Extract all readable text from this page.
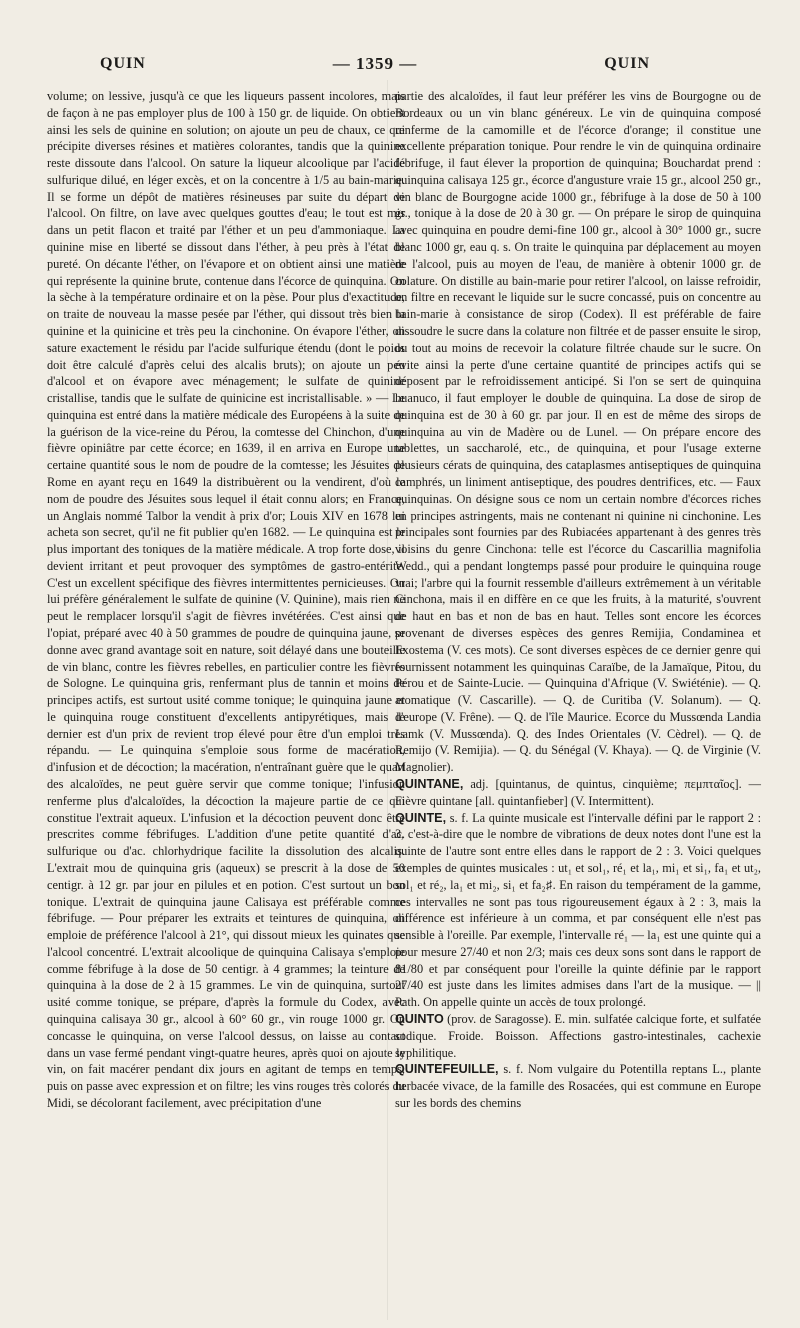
QUIN	— 1359 —	QUIN

volume; on lessive, jusqu'à ce que les liqueurs passent incolores, mais de façon à ne pas employer plus de 100 à 150 gr. de liquide. On obtient ainsi les sels de quinine en solution; on ajoute un peu de chaux, ce qui précipite diverses résines et matières colorantes, tandis que la quinine reste dissoute dans l'alcool. On sature la liqueur alcoolique par l'acide sulfurique dilué, en léger excès, et on la concentre à 1/5 au bain-marie. Il se forme un dépôt de matières résineuses par suite du départ de l'alcool. On filtre, on lave avec quelques gouttes d'eau; le tout est mis dans un petit flacon et traité par l'éther et un peu d'ammoniaque. La quinine mise en liberté se dissout dans l'éther, à peu près à l'état de pureté. On décante l'éther, on l'évapore et on obtient ainsi une matière qui représente la quinine brute, contenue dans l'écorce de quinquina. On la sèche à la température ordinaire et on la pèse. Pour plus d'exactitude, on traite de nouveau la masse pesée par l'éther, qui dissout très bien la quinine et la quinicine et très peu la cinchonine. On évapore l'éther, on sature exactement le résidu par l'acide sulfurique étendu (dont le poids doit être calculé d'après celui des alcalis bruts); on ajoute un peu d'alcool et on évapore avec ménagement; le sulfate de quinine cristallise, tandis que le sulfate de quinicine est incristallisable. » — Le quinquina est entré dans la matière médicale des Européens à la suite de la guérison de la vice-reine du Pérou, la comtesse del Chinchon, d'une fièvre opiniâtre par cette écorce; en 1639, il en arriva en Europe une certaine quantité sous le nom de poudre de la comtesse; les Jésuites de Rome en ayant reçu en 1649 la distribuèrent ou la vendirent, d'où le nom de poudre des Jésuites sous lequel il était connu alors; en France, un Anglais nommé Talbor la vendit à prix d'or; Louis XIV en 1678 lui acheta son secret, qu'il ne fit publier qu'en 1682. — Le quinquina est le plus important des toniques de la matière médicale. A trop forte dose, il devient irritant et peut provoquer des symptômes de gastro-entérite. C'est un excellent spécifique des fièvres intermittentes pernicieuses. On lui préfère généralement le sulfate de quinine (V. Quinine), mais rien ne peut le remplacer lorsqu'il s'agit de fièvres invétérées. C'est ainsi que l'opiat, préparé avec 40 à 50 grammes de poudre de quinquina jaune, se donne avec grand avantage soit en nature, soit délayé dans une bouteille de vin blanc, contre les fièvres rebelles, en particulier contre les fièvres de Sologne. Le quinquina gris, renfermant plus de tannin et moins de principes actifs, est surtout usité comme tonique; le quinquina jaune et le quinquina rouge constituent d'excellents antipyrétiques, mais le dernier est d'un prix de revient trop élevé pour être d'un emploi très répandu. — Le quinquina s'emploie sous forme de macération, d'infusion et de décoction; la macération, n'entraînant guère que le quart des alcaloïdes, ne peut guère servir que comme tonique; l'infusion renferme plus d'alcaloïdes, la décoction la majeure partie de ce qui constitue l'extrait aqueux. L'infusion et la décoction peuvent donc être prescrites comme fébrifuges. L'addition d'une petite quantité d'ac. sulfurique ou d'ac. chlorhydrique facilite la dissolution des alcalis. L'extrait mou de quinquina gris (aqueux) se prescrit à la dose de 50 centigr. à 12 gr. par jour en pilules et en potion. C'est surtout un bon tonique. L'extrait de quinquina jaune Calisaya est préférable comme fébrifuge. — Pour préparer les extraits et teintures de quinquina, on emploie de préférence l'alcool à 21°, qui dissout mieux les quinates que l'alcool concentré. L'extrait alcoolique de quinquina Calisaya s'emploie comme fébrifuge à la dose de 50 centigr. à 4 grammes; la teinture de quinquina à la dose de 2 à 15 grammes. Le vin de quinquina, surtout usité comme tonique, se prépare, d'après la formule du Codex, avec quinquina calisaya 30 gr., alcool à 60° 60 gr., vin rouge 1000 gr. On concasse le quinquina, on verse l'alcool dessus, on laisse au contact dans un vase fermé pendant vingt-quatre heures, après quoi on ajoute le vin, on fait macérer pendant dix jours en agitant de temps en temps, puis on passe avec expression et on filtre; les vins rouges très colorés du Midi, se décolorant facilement, avec précipitation d'une

partie des alcaloïdes, il faut leur préférer les vins de Bourgogne ou de Bordeaux ou un vin blanc généreux. Le vin de quinquina composé renferme de la camomille et de l'écorce d'orange; il constitue une excellente préparation tonique. Pour rendre le vin de quinquina ordinaire fébrifuge, il faut élever la proportion de quinquina; Bouchardat prend : quinquina calisaya 125 gr., écorce d'angusture vraie 15 gr., alcool 250 gr., vin blanc de Bourgogne acide 1000 gr., fébrifuge à la dose de 50 à 100 gr., tonique à la dose de 20 à 30 gr. — On prépare le sirop de quinquina avec quinquina en poudre demi-fine 100 gr., alcool à 30° 1000 gr., sucre blanc 1000 gr, eau q. s. On traite le quinquina par déplacement au moyen de l'alcool, puis au moyen de l'eau, de manière à obtenir 1000 gr. de colature. On distille au bain-marie pour retirer l'alcool, on laisse refroidir, on filtre en recevant le liquide sur le sucre concassé, puis on concentre au bain-marie à consistance de sirop (Codex). Il est préférable de faire dissoudre le sucre dans la colature non filtrée et de passer ensuite le sirop, ou tout au moins de recevoir la colature filtrée chaude sur le sucre. On évite ainsi la perte d'une certaine quantité de principes actifs qui se déposent par le refroidissement anticipé. Si l'on se sert de quinquina huanuco, il faut employer le double de quinquina. La dose de sirop de quinquina est de 30 à 60 gr. par jour. Il en est de même des sirops de quinquina au vin de Madère ou de Lunel. — On prépare encore des tablettes, un saccharolé, etc., de quinquina, et pour l'usage externe plusieurs cérats de quinquina, des cataplasmes antiseptiques de quinquina camphrés, un liniment antiseptique, des poudres dentrifices, etc. — Faux quinquinas. On désigne sous ce nom un certain nombre d'écorces riches en principes astringents, mais ne contenant ni quinine ni cinchonine. Les principales sont fournies par des Rubiacées appartenant à des genres très voisins du genre Cinchona: telle est l'écorce du Cascarillia magnifolia Wedd., qui a pendant longtemps passé pour produire le quinquina rouge vrai; l'arbre qui la fournit ressemble d'ailleurs extrêmement à un véritable Cinchona, mais il en diffère en ce que les fruits, à la maturité, s'ouvrent de haut en bas et non de bas en haut. Telles sont encore les écorces provenant de diverses espèces des genres Remijia, Condaminea et Exostema (V. ces mots). Ce sont diverses espèces de ce dernier genre qui fournissent notamment les quinquinas Caraïbe, de la Jamaïque, Pitou, du Pérou et de Sainte-Lucie. — Quinquina d'Afrique (V. Swiéténie). — Q. aromatique (V. Cascarille). — Q. de Curitiba (V. Solanum). — Q. d'europe (V. Frêne). — Q. de l'île Maurice. Ecorce du Mussœnda Landia Lamk (V. Mussœnda). Q. des Indes Orientales (V. Cèdrel). — Q. de Remijo (V. Remijia). — Q. du Sénégal (V. Khaya). — Q. de Virginie (V. Magnolier).

QUINTANE, adj. [quintanus, de quintus, cinquième; πεμπταῖος]. — Fièvre quintane [all. quintanfieber] (V. Intermittent).

QUINTE, s. f. La quinte musicale est l'intervalle défini par le rapport 2 : 3, c'est-à-dire que le nombre de vibrations de deux notes dont l'une est la quinte de l'autre sont entre elles dans le rapport de 2 : 3. Voici quelques exemples de quintes musicales : ut₁ et sol₁, ré₁ et la₁, mi₁ et si₁, fa₁ et ut₂, sol₁ et ré₂, la₁ et mi₂, si₁ et fa₂♯. En raison du tempérament de la gamme, ces intervalles ne sont pas tous rigoureusement égaux à 2 : 3, mais la différence est inférieure à un comma, et par conséquent elle n'est pas sensible à l'oreille. Par exemple, l'intervalle ré₁ — la₁ est une quinte qui a pour mesure 27/40 et non 2/3; mais ces deux sons sont dans le rapport de 81/80 et par conséquent pour l'oreille la quinte définie par le rapport 27/40 est juste dans les limites admises dans l'art de la musique. — || Path. On appelle quinte un accès de toux prolongé.

QUINTO (prov. de Saragosse). E. min. sulfatée calcique forte, et sulfatée sodique. Froide. Boisson. Affections gastro-intestinales, cachexie syphilitique.

QUINTEFEUILLE, s. f. Nom vulgaire du Potentilla reptans L., plante herbacée vivace, de la famille des Rosacées, qui est commune en Europe sur les bords des chemins
